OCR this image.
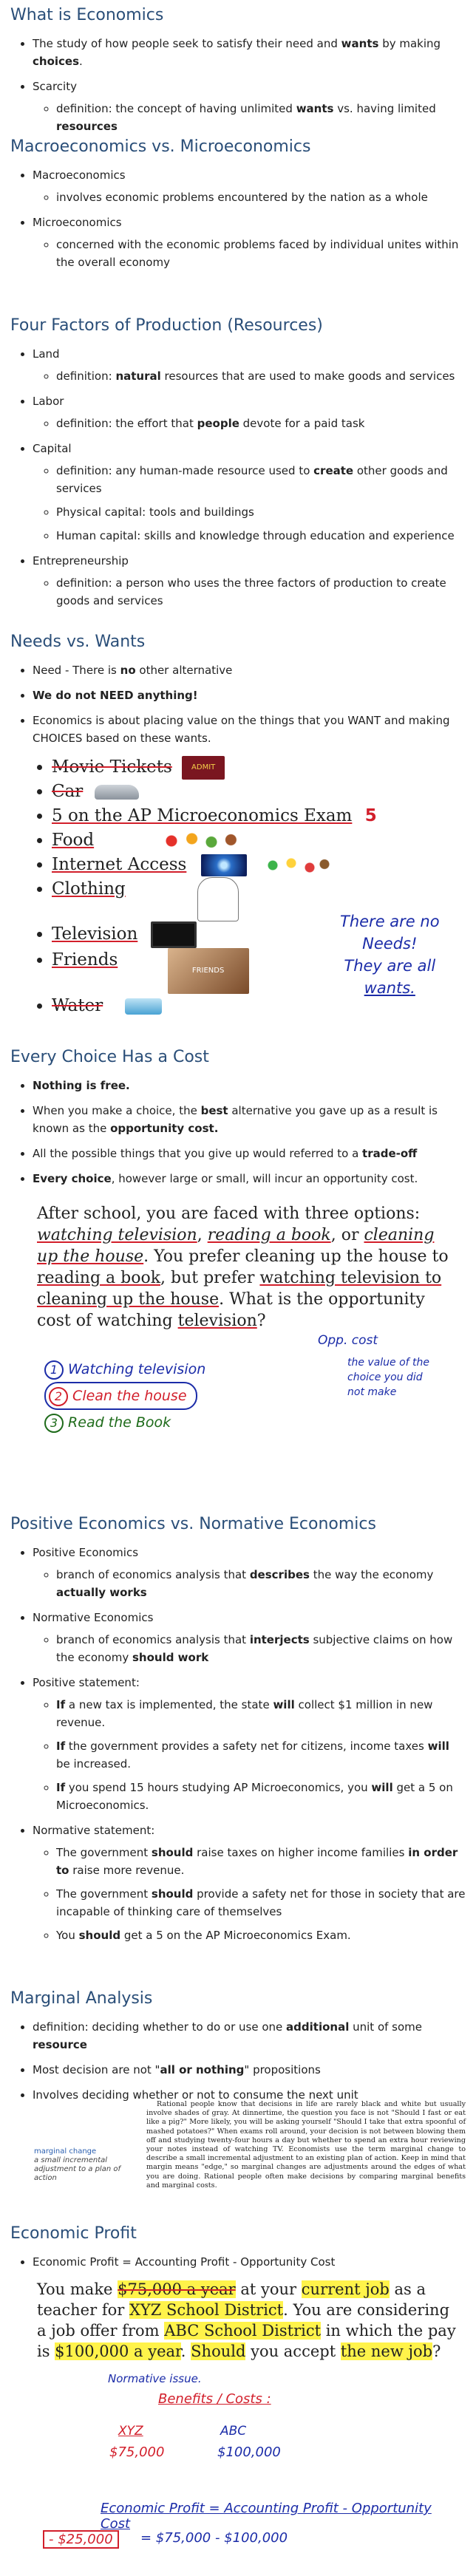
What is Economics
• The study of how people seek to satisfy their need and wants by making choices.
• Scarcity
◦ definition: the concept of having unlimited wants vs. having limited resources
Macroeconomics vs. Microeconomics
• Macroeconomics
◦ involves economic problems encountered by the nation as a whole
• Microeconomics
◦ concerned with the economic problems faced by individual unites within the overall economy
Four Factors of Production (Resources)
• Land
◦ definition: natural resources that are used to make goods and services
• Labor
◦ definition: the effort that people devote for a paid task
• Capital
◦ definition: any human-made resource used to create other goods and services
◦ Physical capital: tools and buildings
◦ Human capital: skills and knowledge through education and experience
• Entrepreneurship
◦ definition: a person who uses the three factors of production to create goods and services
Needs vs. Wants
• Need - There is no other alternative
• We do not NEED anything!
• Economics is about placing value on the things that you WANT and making CHOICES based on these wants.
• Movie Tickets	ADMIT
• Car
• 5 on the AP Microeconomics Exam 5
• Food
• Internet Access
• Clothing
• Television
• Friends FRIENDS
• Water
There are no
Needs!
They are all
wants.
Every Choice Has a Cost
• Nothing is free.
• When you make a choice, the best alternative you gave up as a result is known as the opportunity cost.
• All the possible things that you give up would referred to a trade-off
• Every choice, however large or small, will incur an opportunity cost.
After school, you are faced with three options: watching television, reading a book, or cleaning up the house. You prefer cleaning up the house to reading a book, but prefer watching television to cleaning up the house. What is the opportunity cost of watching television?
Opp. cost
the value of the
choice you did
not make
1 Watching television
2 Clean the house
3 Read the Book
Positive Economics vs. Normative Economics
• Positive Economics
◦ branch of economics analysis that describes the way the economy actually works
• Normative Economics
◦ branch of economics analysis that interjects subjective claims on how the economy should work
• Positive statement:
◦ If a new tax is implemented, the state will collect $1 million in new revenue.
◦ If the government provides a safety net for citizens, income taxes will be increased.
◦ If you spend 15 hours studying AP Microeconomics, you will get a 5 on Microeconomics.
• Normative statement:
◦ The government should raise taxes on higher income families in order to raise more revenue.
◦ The government should provide a safety net for those in society that are incapable of thinking care of themselves
◦ You should get a 5 on the AP Microeconomics Exam.
Marginal Analysis
• definition: deciding whether to do or use one additional unit of some resource
• Most decision are not "all or nothing" propositions
• Involves deciding whether or not to consume the next unit
marginal change
a small incremental adjustment to a plan of action
Rational people know that decisions in life are rarely black and white but usually involve shades of gray. At dinnertime, the question you face is not "Should I fast or eat like a pig?" More likely, you will be asking yourself "Should I take that extra spoonful of mashed potatoes?" When exams roll around, your decision is not between blowing them off and studying twenty-four hours a day but whether to spend an extra hour reviewing your notes instead of watching TV. Economists use the term marginal change to describe a small incremental adjustment to an existing plan of action. Keep in mind that margin means "edge," so marginal changes are adjustments around the edges of what you are doing. Rational people often make decisions by comparing marginal benefits and marginal costs.
Economic Profit
• Economic Profit = Accounting Profit - Opportunity Cost
You make $75,000 a year at your current job as a teacher for XYZ School District. You are considering a job offer from ABC School District in which the pay is $100,000 a year. Should you accept the new job?
Normative issue.
Benefits / Costs :
XYZ	ABC
$75,000	$100,000
Economic Profit = Accounting Profit - Opportunity Cost
- $25,000	= $75,000 - $100,000
